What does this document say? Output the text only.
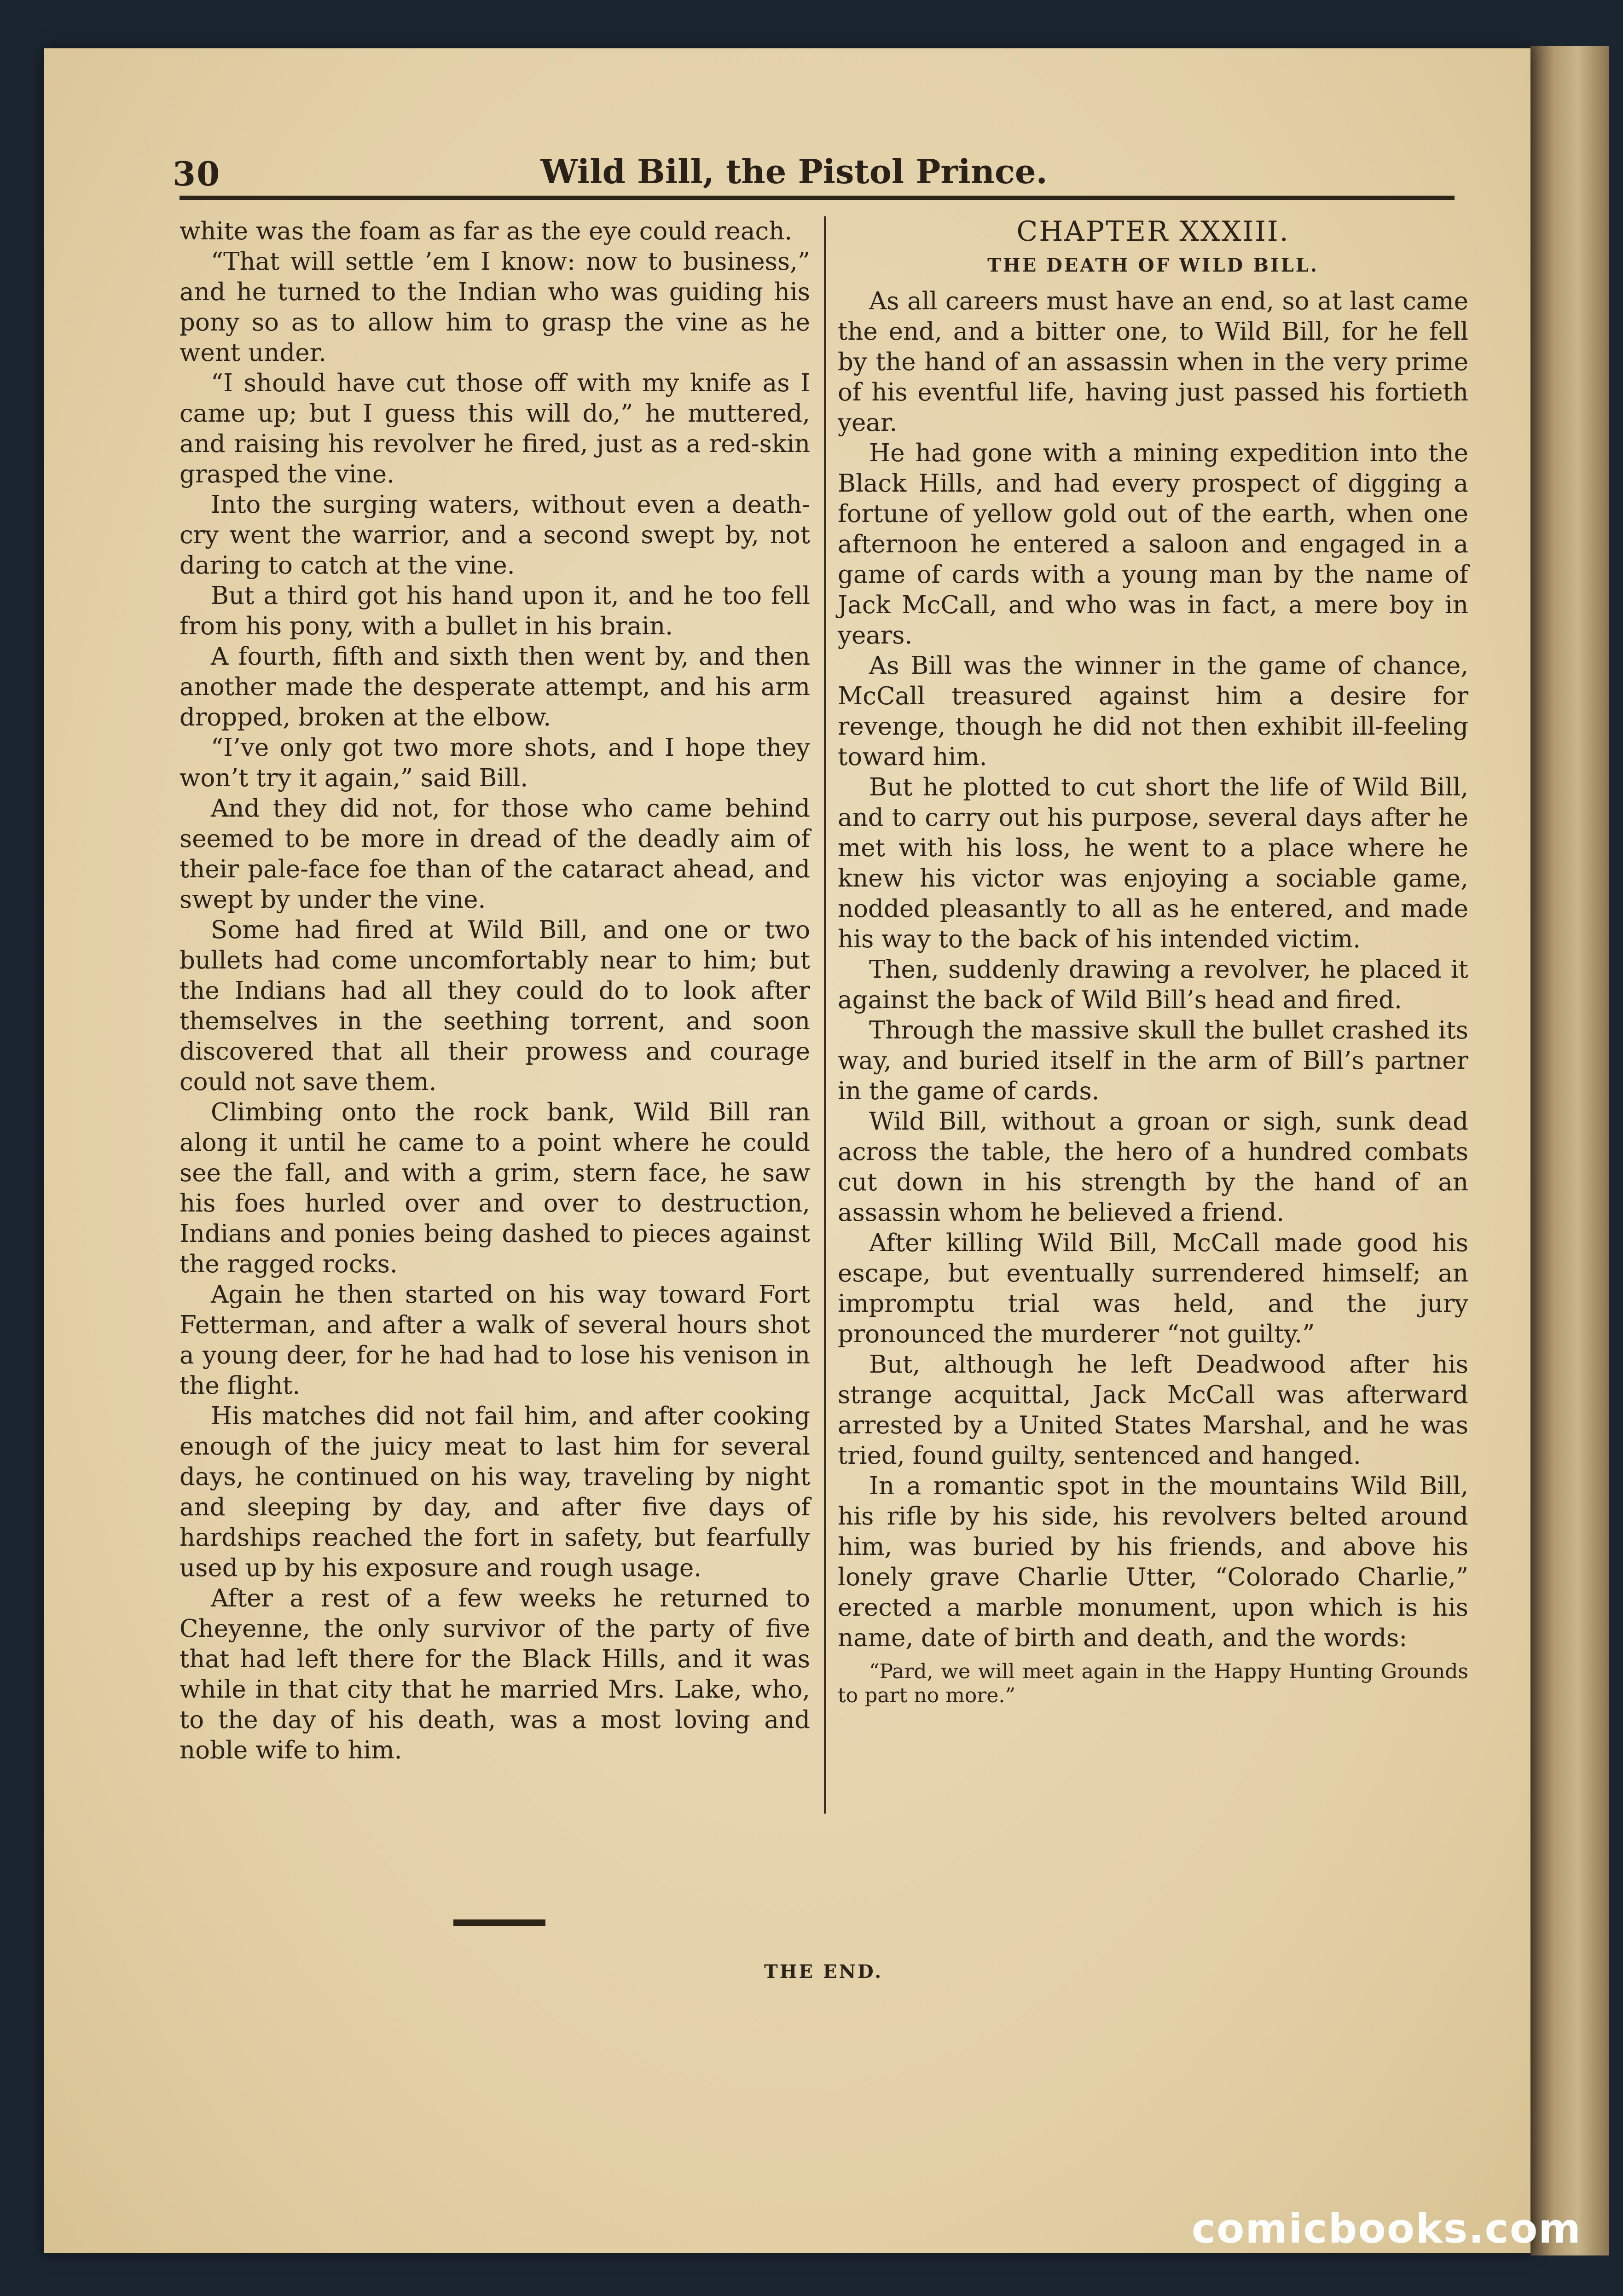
30	Wild Bill, the Pistol Prince.

white was the foam as far as the eye could reach.

“That will settle ’em I know: now to business,” and he turned to the Indian who was guiding his pony so as to allow him to grasp the vine as he went under.

“I should have cut those off with my knife as I came up; but I guess this will do,” he muttered, and raising his revolver he fired, just as a red-skin grasped the vine.

Into the surging waters, without even a death-cry went the warrior, and a second swept by, not daring to catch at the vine.

But a third got his hand upon it, and he too fell from his pony, with a bullet in his brain.

A fourth, fifth and sixth then went by, and then another made the desperate attempt, and his arm dropped, broken at the elbow.

“I’ve only got two more shots, and I hope they won’t try it again,” said Bill.

And they did not, for those who came behind seemed to be more in dread of the deadly aim of their pale-face foe than of the cataract ahead, and swept by under the vine.

Some had fired at Wild Bill, and one or two bullets had come uncomfortably near to him; but the Indians had all they could do to look after themselves in the seething torrent, and soon discovered that all their prowess and courage could not save them.

Climbing onto the rock bank, Wild Bill ran along it until he came to a point where he could see the fall, and with a grim, stern face, he saw his foes hurled over and over to destruction, Indians and ponies being dashed to pieces against the ragged rocks.

Again he then started on his way toward Fort Fetterman, and after a walk of several hours shot a young deer, for he had had to lose his venison in the flight.

His matches did not fail him, and after cooking enough of the juicy meat to last him for several days, he continued on his way, traveling by night and sleeping by day, and after five days of hardships reached the fort in safety, but fearfully used up by his exposure and rough usage.

After a rest of a few weeks he returned to Cheyenne, the only survivor of the party of five that had left there for the Black Hills, and it was while in that city that he married Mrs. Lake, who, to the day of his death, was a most loving and noble wife to him.

CHAPTER XXXIII.
THE DEATH OF WILD BILL.

As all careers must have an end, so at last came the end, and a bitter one, to Wild Bill, for he fell by the hand of an assassin when in the very prime of his eventful life, having just passed his fortieth year.

He had gone with a mining expedition into the Black Hills, and had every prospect of digging a fortune of yellow gold out of the earth, when one afternoon he entered a saloon and engaged in a game of cards with a young man by the name of Jack McCall, and who was in fact, a mere boy in years.

As Bill was the winner in the game of chance, McCall treasured against him a desire for revenge, though he did not then exhibit ill-feeling toward him.

But he plotted to cut short the life of Wild Bill, and to carry out his purpose, several days after he met with his loss, he went to a place where he knew his victor was enjoying a sociable game, nodded pleasantly to all as he entered, and made his way to the back of his intended victim.

Then, suddenly drawing a revolver, he placed it against the back of Wild Bill’s head and fired.

Through the massive skull the bullet crashed its way, and buried itself in the arm of Bill’s partner in the game of cards.

Wild Bill, without a groan or sigh, sunk dead across the table, the hero of a hundred combats cut down in his strength by the hand of an assassin whom he believed a friend.

After killing Wild Bill, McCall made good his escape, but eventually surrendered himself; an impromptu trial was held, and the jury pronounced the murderer “not guilty.”

But, although he left Deadwood after his strange acquittal, Jack McCall was afterward arrested by a United States Marshal, and he was tried, found guilty, sentenced and hanged.

In a romantic spot in the mountains Wild Bill, his rifle by his side, his revolvers belted around him, was buried by his friends, and above his lonely grave Charlie Utter, “Colorado Charlie,” erected a marble monument, upon which is his name, date of birth and death, and the words:

“Pard, we will meet again in the Happy Hunting Grounds to part no more.”

THE END.
comicbooks.com
